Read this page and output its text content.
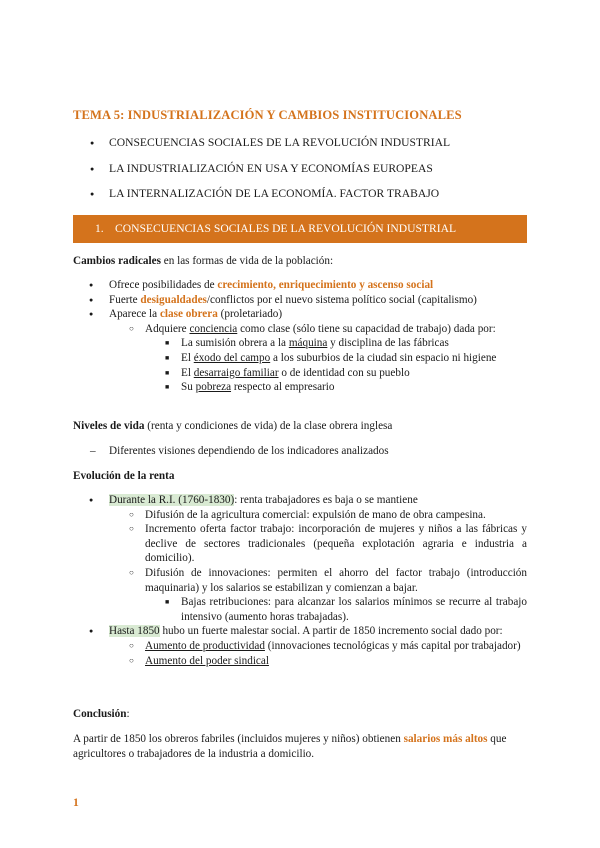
TEMA 5: INDUSTRIALIZACIÓN Y CAMBIOS INSTITUCIONALES
● CONSECUENCIAS SOCIALES DE LA REVOLUCIÓN INDUSTRIAL
● LA INDUSTRIALIZACIÓN EN USA Y ECONOMÍAS EUROPEAS
● LA INTERNALIZACIÓN DE LA ECONOMÍA. FACTOR TRABAJO
1. CONSECUENCIAS SOCIALES DE LA REVOLUCIÓN INDUSTRIAL
Cambios radicales en las formas de vida de la población:
● Ofrece posibilidades de crecimiento, enriquecimiento y ascenso social
● Fuerte desigualdades/conflictos por el nuevo sistema político social (capitalismo)
● Aparece la clase obrera (proletariado)
○ Adquiere conciencia como clase (sólo tiene su capacidad de trabajo) dada por:
■ La sumisión obrera a la máquina y disciplina de las fábricas
■ El éxodo del campo a los suburbios de la ciudad sin espacio ni higiene
■ El desarraigo familiar o de identidad con su pueblo
■ Su pobreza respecto al empresario
Niveles de vida (renta y condiciones de vida) de la clase obrera inglesa
– Diferentes visiones dependiendo de los indicadores analizados
Evolución de la renta
● Durante la R.I. (1760-1830): renta trabajadores es baja o se mantiene
○ Difusión de la agricultura comercial: expulsión de mano de obra campesina.
○ Incremento oferta factor trabajo: incorporación de mujeres y niños a las fábricas y declive de sectores tradicionales (pequeña explotación agraria e industria a domicilio).
○ Difusión de innovaciones: permiten el ahorro del factor trabajo (introducción maquinaria) y los salarios se estabilizan y comienzan a bajar.
■ Bajas retribuciones: para alcanzar los salarios mínimos se recurre al trabajo intensivo (aumento horas trabajadas).
● Hasta 1850 hubo un fuerte malestar social. A partir de 1850 incremento social dado por:
○ Aumento de productividad (innovaciones tecnológicas y más capital por trabajador)
○ Aumento del poder sindical
Conclusión:
A partir de 1850 los obreros fabriles (incluidos mujeres y niños) obtienen salarios más altos que agricultores o trabajadores de la industria a domicilio.
1
